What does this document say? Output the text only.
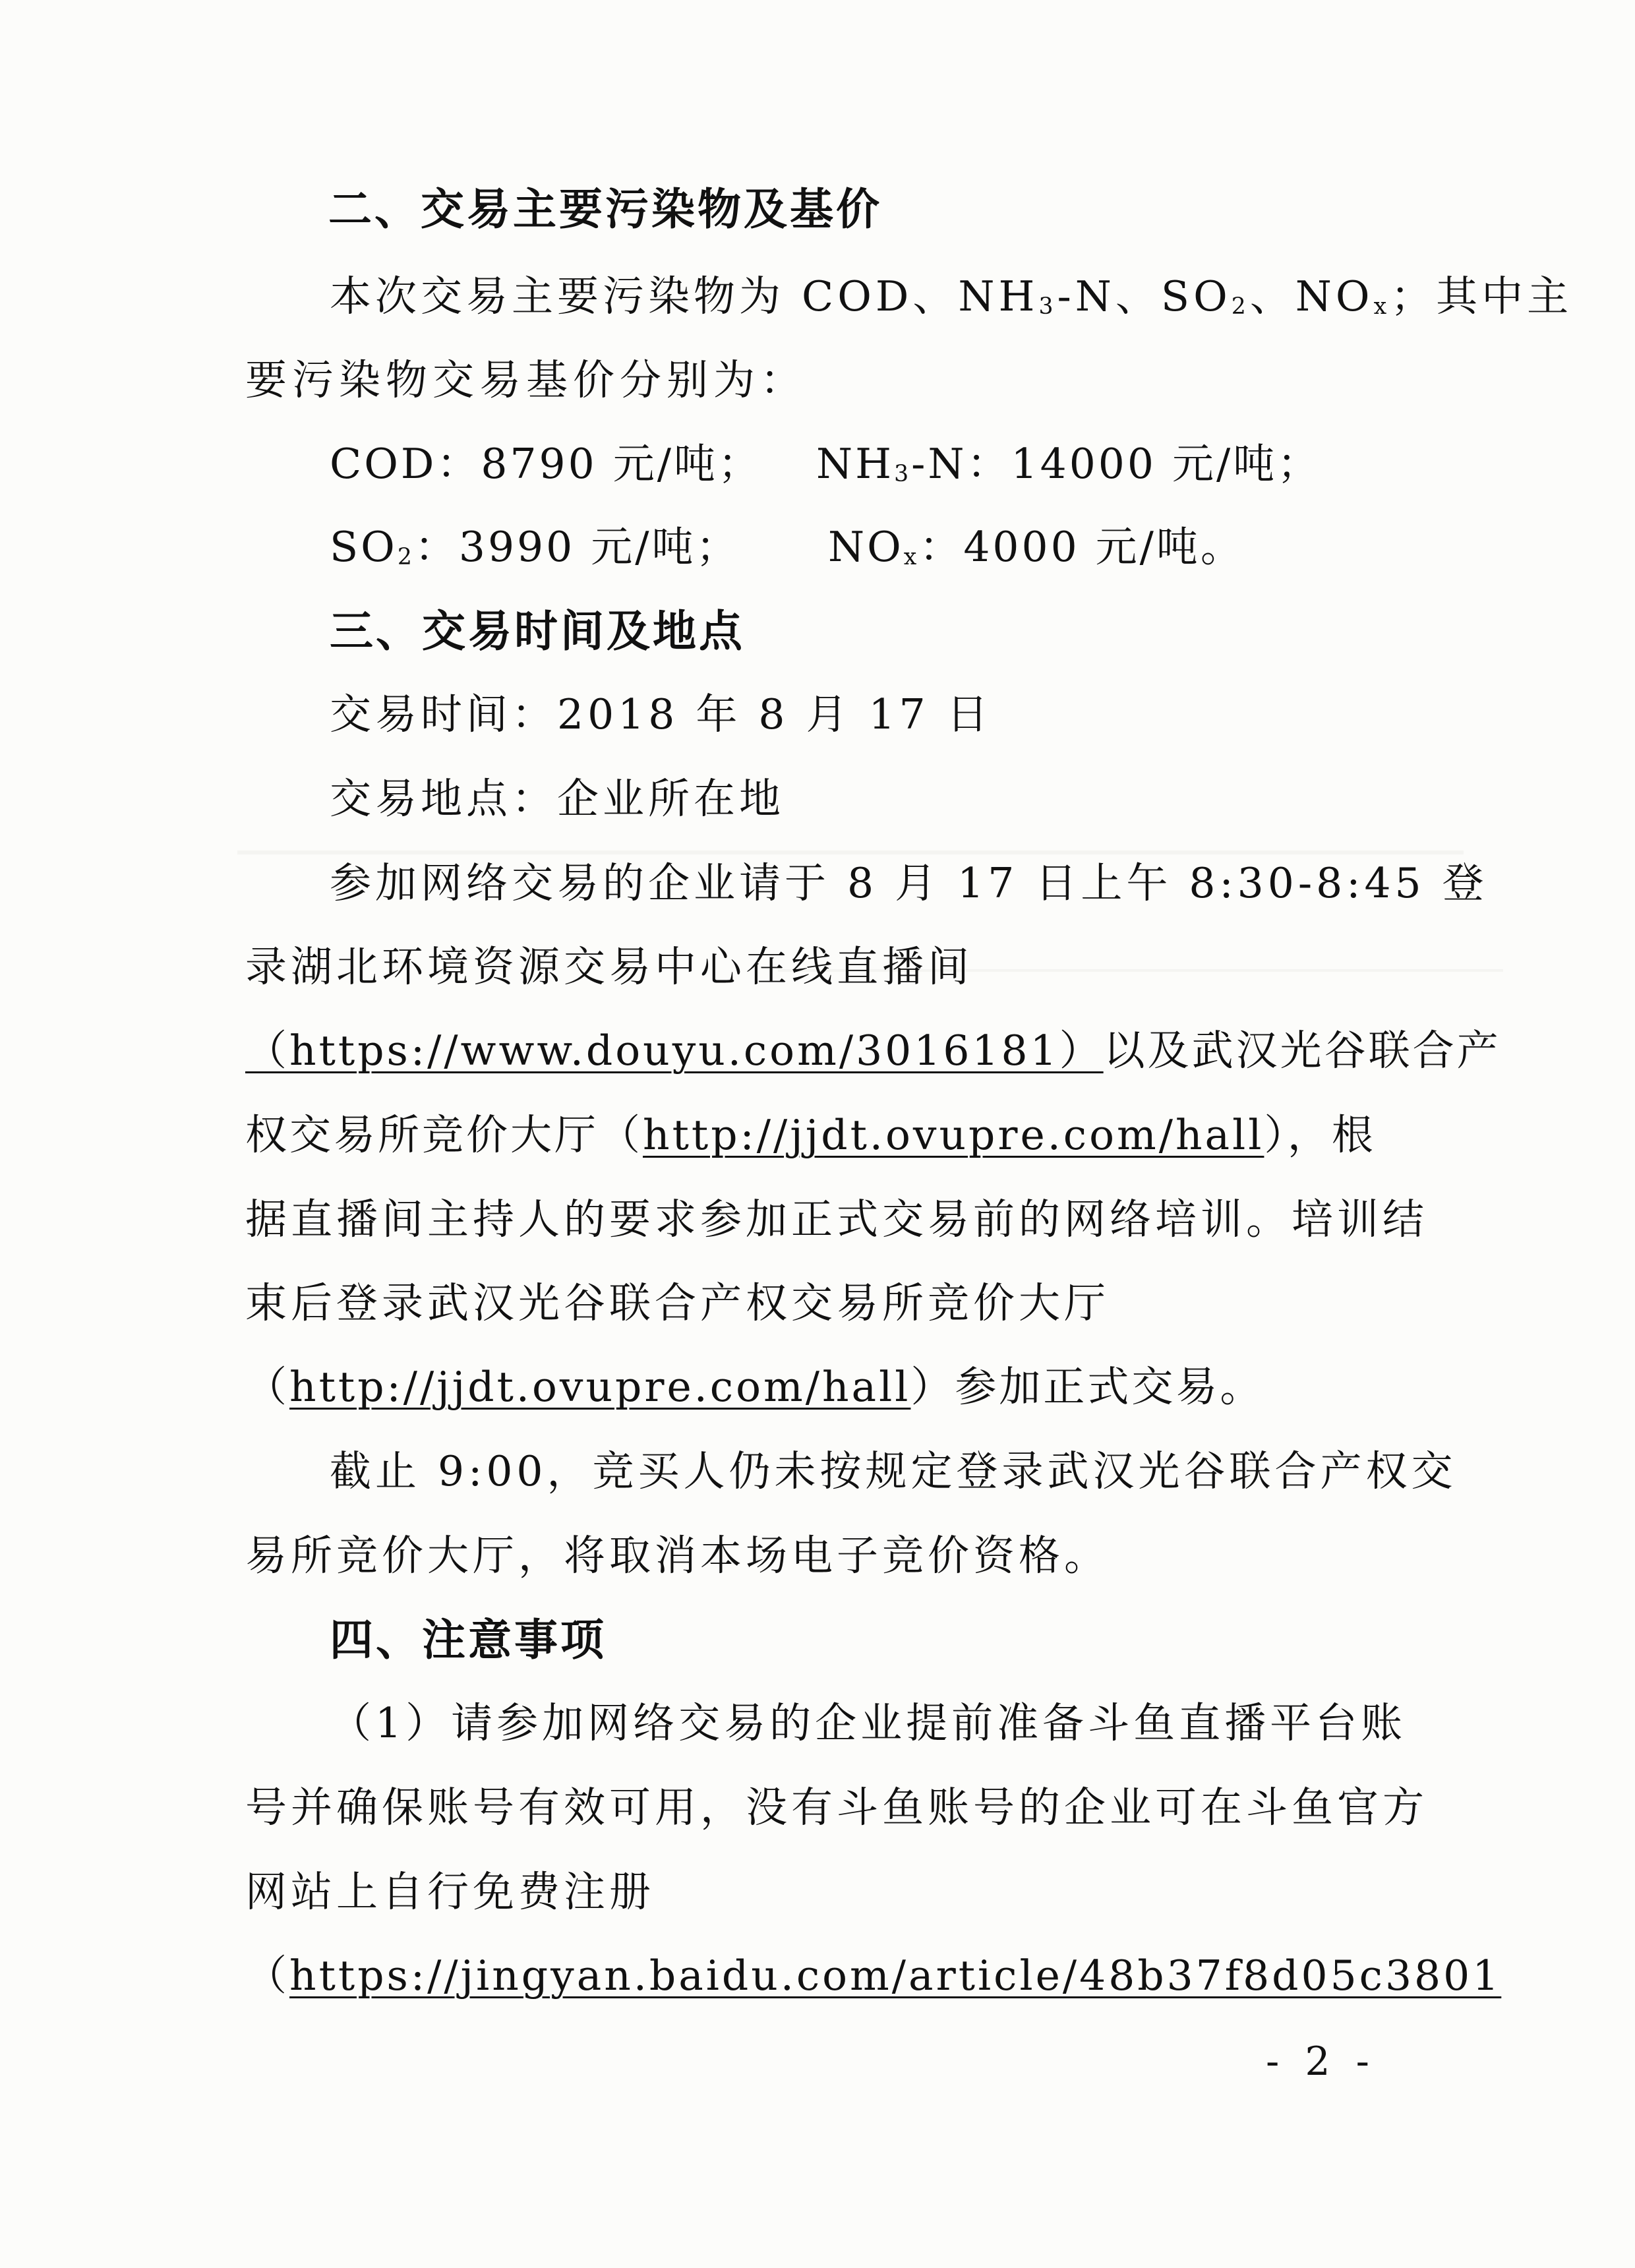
二、交易主要污染物及基价
本次交易主要污染物为 COD、$NH_3-N$、$SO_2$、$NO_x$；其中主
要污染物交易基价分别为：
COD：8790 元/吨； $NH_3-N$：14000 元/吨；
$SO_2$：3990 元/吨； $NO_x$：4000 元/吨。
三、交易时间及地点
交易时间：2018 年 8 月 17 日
交易地点：企业所在地
参加网络交易的企业请于 8 月 17 日上午 8:30-8:45 登
录湖北环境资源交易中心在线直播间
（https://www.douyu.com/3016181）以及武汉光谷联合产
权交易所竞价大厅（http://jjdt.ovupre.com/hall），根
据直播间主持人的要求参加正式交易前的网络培训。培训结
束后登录武汉光谷联合产权交易所竞价大厅
（http://jjdt.ovupre.com/hall）参加正式交易。
截止 9:00，竞买人仍未按规定登录武汉光谷联合产权交
易所竞价大厅，将取消本场电子竞价资格。
四、注意事项
（1）请参加网络交易的企业提前准备斗鱼直播平台账
号并确保账号有效可用，没有斗鱼账号的企业可在斗鱼官方
网站上自行免费注册
（https://jingyan.baidu.com/article/48b37f8d05c3801
- 2 -
